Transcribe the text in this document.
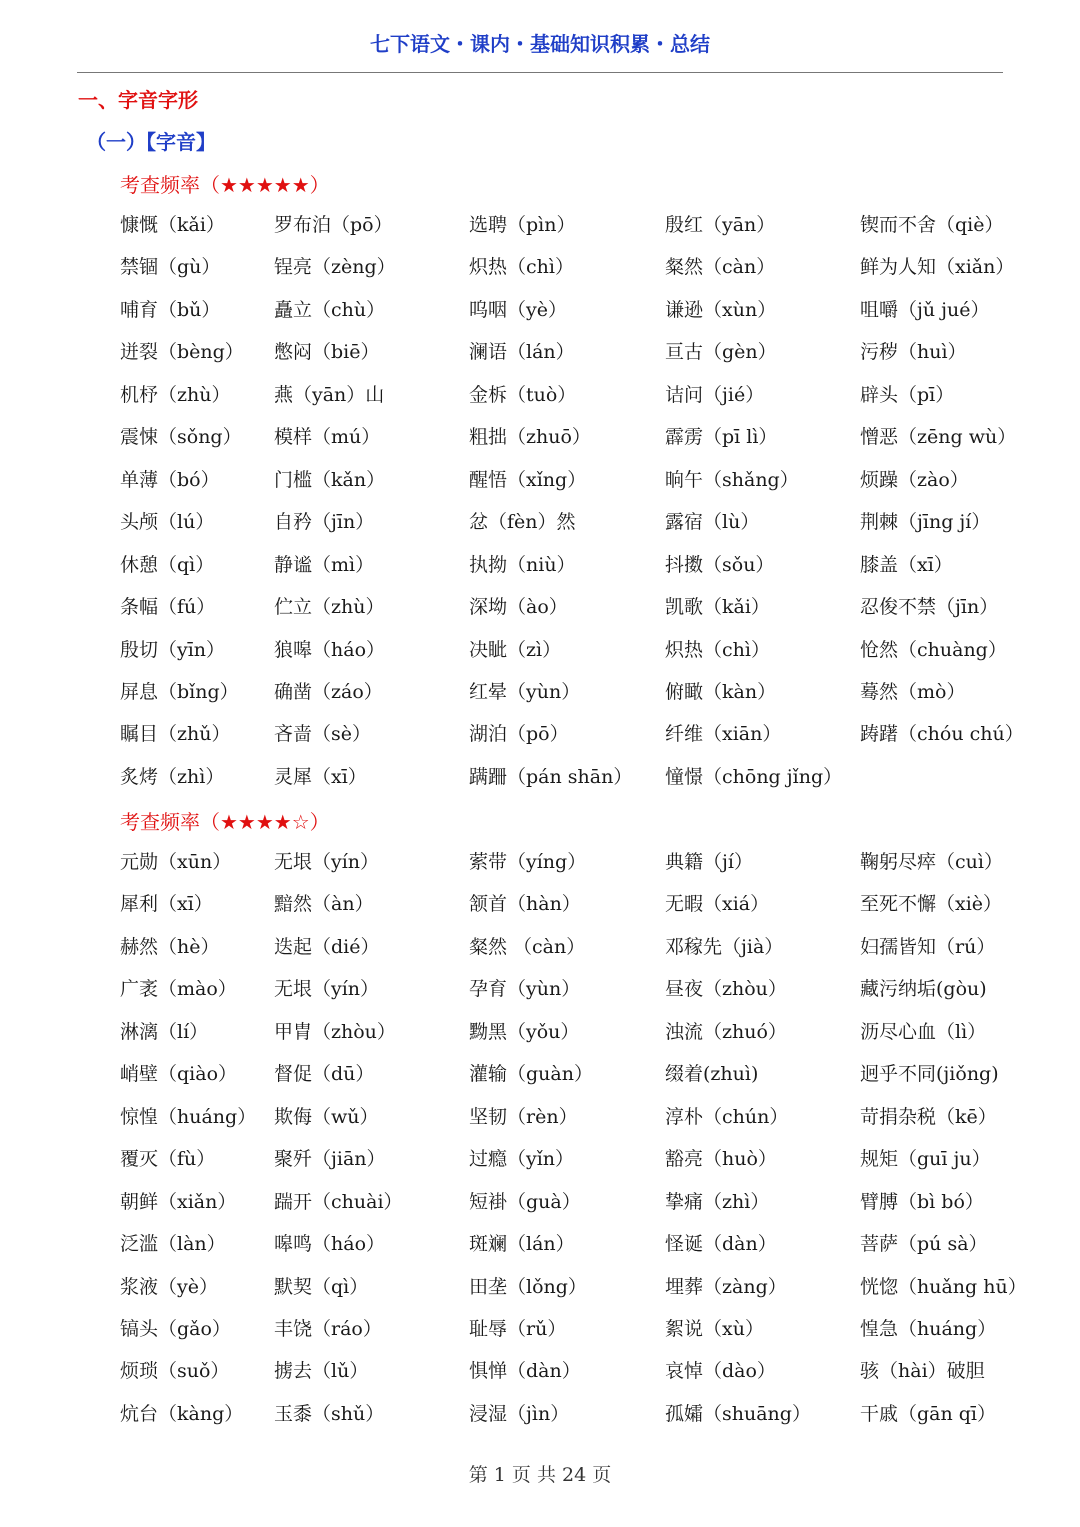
七下语文・课内・基础知识积累・总结
一、字音字形
（一）【字音】
考查频率（★★★★★）
慷慨（kǎi）	罗布泊（pō）	选聘（pìn）	殷红（yān）	锲而不舍（qiè）
禁锢（gù）	锃亮（zèng）	炽热（chì）	粲然（càn）	鲜为人知（xiǎn）
哺育（bǔ）	矗立（chù）	呜咽（yè）	谦逊（xùn）	咀嚼（jǔ jué）
迸裂（bèng） 憋闷（biē）	澜语（lán）	亘古（gèn）	污秽（huì）
机杼（zhù） 燕（yān）山	金柝（tuò）	诘问（jié）	辟头（pī）
震悚（sǒng） 模样（mú）	粗拙（zhuō）	霹雳（pī lì）	憎恶（zēng wù）
单薄（bó）	门槛（kǎn）	醒悟（xǐng）	晌午（shǎng）	烦躁（zào）
头颅（lú）	自矜（jīn）	忿（fèn）然	露宿（lù）	荆棘（jīng jí）
休憩（qì）	静谧（mì）	执拗（niù）	抖擞（sǒu）	膝盖（xī）
条幅（fú）	伫立（zhù）	深坳（ào）	凯歌（kǎi）	忍俊不禁（jīn）
殷切（yīn）	狼嗥（háo）	决眦（zì）	炽热（chì）	怆然（chuàng）
屏息（bǐng） 确凿（záo）	红晕（yùn）	俯瞰（kàn）	蓦然（mò）
瞩目（zhǔ） 吝啬（sè）	湖泊（pō）	纤维（xiān）	踌躇（chóu chú）
炙烤（zhì）	灵犀（xī）	蹒跚（pán shān） 憧憬（chōng jǐng）
考查频率（★★★★☆）
元勋（xūn） 无垠（yín）	萦带（yíng）	典籍（jí）	鞠躬尽瘁（cuì）
犀利（xī）	黯然（àn）	颔首（hàn）	无暇（xiá）	至死不懈（xiè）
赫然（hè）	迭起（dié）	粲然 （càn）	邓稼先（jià）	妇孺皆知（rú）
广袤（mào） 无垠（yín）	孕育（yùn）	昼夜（zhòu）	藏污纳垢(gòu)
淋漓（lí）	甲胄（zhòu）	黝黑（yǒu）	浊流（zhuó）	沥尽心血（lì）
峭壁（qiào） 督促（dū）	灌输（guàn）	缀着(zhuì)	迥乎不同(jiǒng)
惊惶（huáng） 欺侮（wǔ）	坚韧（rèn）	淳朴（chún）	苛捐杂税（kē）
覆灭（fù）	聚歼（jiān）	过瘾（yǐn）	豁亮（huò）	规矩（guī ju）
朝鲜（xiǎn） 踹开（chuài）	短褂（guà）	挚痛（zhì）	臂膊（bì bó）
泛滥（làn）	嗥鸣（háo）	斑斓（lán）	怪诞（dàn）	菩萨（pú sà）
浆液（yè）	默契（qì）	田垄（lǒng）	埋葬（zàng）	恍惚（huǎng hū）
镐头（gǎo） 丰饶（ráo）	耻辱（rǔ）	絮说（xù）	惶急（huáng）
烦琐（suǒ） 掳去（lǔ）	惧惮（dàn）	哀悼（dào）	骇（hài）破胆
炕台（kàng） 玉黍（shǔ）	浸湿（jìn）	孤孀（shuāng）	干戚（gān qī）
第 1 页 共 24 页
